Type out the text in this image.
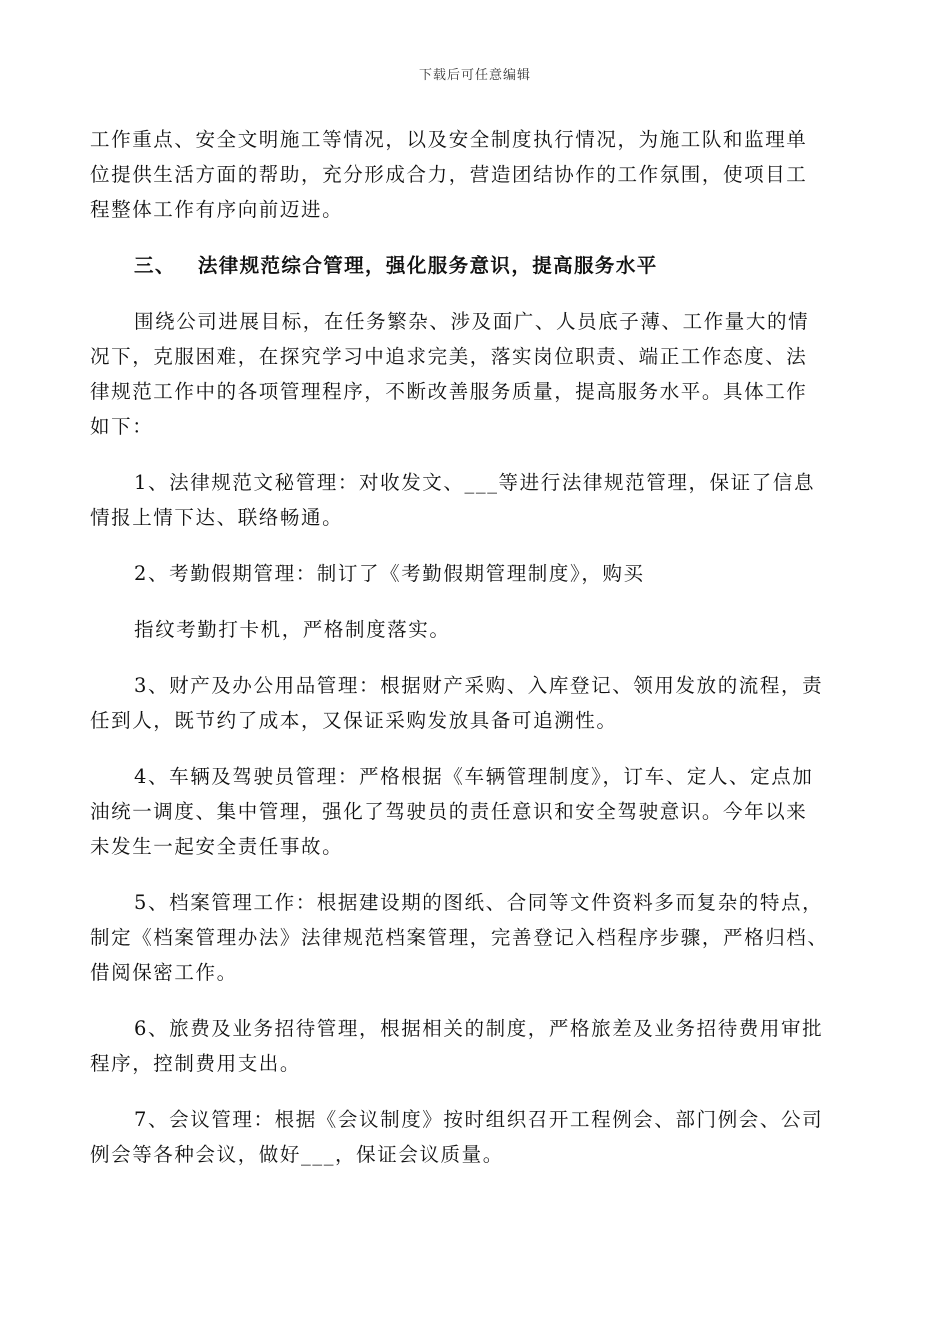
下载后可任意编辑

工作重点、安全文明施工等情况，以及安全制度执行情况，为施工队和监理单
位提供生活方面的帮助，充分形成合力，营造团结协作的工作氛围，使项目工
程整体工作有序向前迈进。

三、 法律规范综合管理，强化服务意识，提高服务水平

围绕公司进展目标，在任务繁杂、涉及面广、人员底子薄、工作量大的情
况下，克服困难，在探究学习中追求完美，落实岗位职责、端正工作态度、法
律规范工作中的各项管理程序，不断改善服务质量，提高服务水平。具体工作
如下：

1、法律规范文秘管理：对收发文、___等进行法律规范管理，保证了信息
情报上情下达、联络畅通。

2、考勤假期管理：制订了《考勤假期管理制度》，购买

指纹考勤打卡机，严格制度落实。

3、财产及办公用品管理：根据财产采购、入库登记、领用发放的流程，责
任到人，既节约了成本，又保证采购发放具备可追溯性。

4、车辆及驾驶员管理：严格根据《车辆管理制度》，订车、定人、定点加
油统一调度、集中管理，强化了驾驶员的责任意识和安全驾驶意识。今年以来
未发生一起安全责任事故。

5、档案管理工作：根据建设期的图纸、合同等文件资料多而复杂的特点，
制定《档案管理办法》法律规范档案管理，完善登记入档程序步骤，严格归档、
借阅保密工作。

6、旅费及业务招待管理，根据相关的制度，严格旅差及业务招待费用审批
程序，控制费用支出。

7、会议管理：根据《会议制度》按时组织召开工程例会、部门例会、公司
例会等各种会议，做好___，保证会议质量。
